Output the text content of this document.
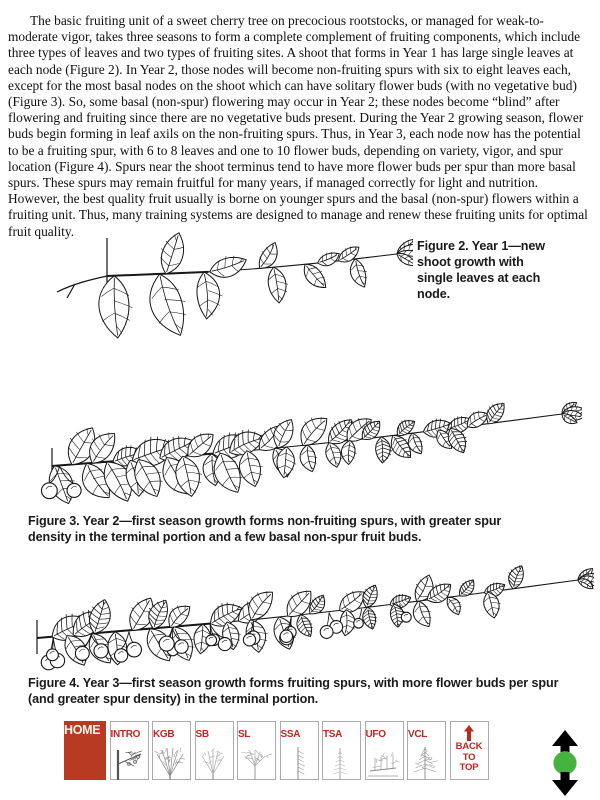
The basic fruiting unit of a sweet cherry tree on precocious rootstocks, or managed for weak-to-moderate vigor, takes three seasons to form a complete complement of fruiting components, which include three types of leaves and two types of fruiting sites. A shoot that forms in Year 1 has large single leaves at each node (Figure 2). In Year 2, those nodes will become non-fruiting spurs with six to eight leaves each, except for the most basal nodes on the shoot which can have solitary flower buds (with no vegetative bud) (Figure 3). So, some basal (non-spur) flowering may occur in Year 2; these nodes become “blind” after flowering and fruiting since there are no vegetative buds present. During the Year 2 growing season, flower buds begin forming in leaf axils on the non-fruiting spurs. Thus, in Year 3, each node now has the potential to be a fruiting spur, with 6 to 8 leaves and one to 10 flower buds, depending on variety, vigor, and spur location (Figure 4). Spurs near the shoot terminus tend to have more flower buds per spur than more basal spurs. These spurs may remain fruitful for many years, if managed correctly for light and nutrition. However, the best quality fruit usually is borne on younger spurs and the basal (non-spur) flowers within a fruiting unit. Thus, many training systems are designed to manage and renew these fruiting units for optimal fruit quality.

Figure 2. Year 1—new shoot growth with single leaves at each node.
Figure 3. Year 2—first season growth forms non-fruiting spurs, with greater spur density in the terminal portion and a few basal non-spur fruit buds.
Figure 4. Year 3—first season growth forms fruiting spurs, with more flower buds per spur (and greater spur density) in the terminal portion.
HOME	INTRO	KGB	SB	SL	SSA	TSA	UFO	VCL
BACK
TO
TOP
